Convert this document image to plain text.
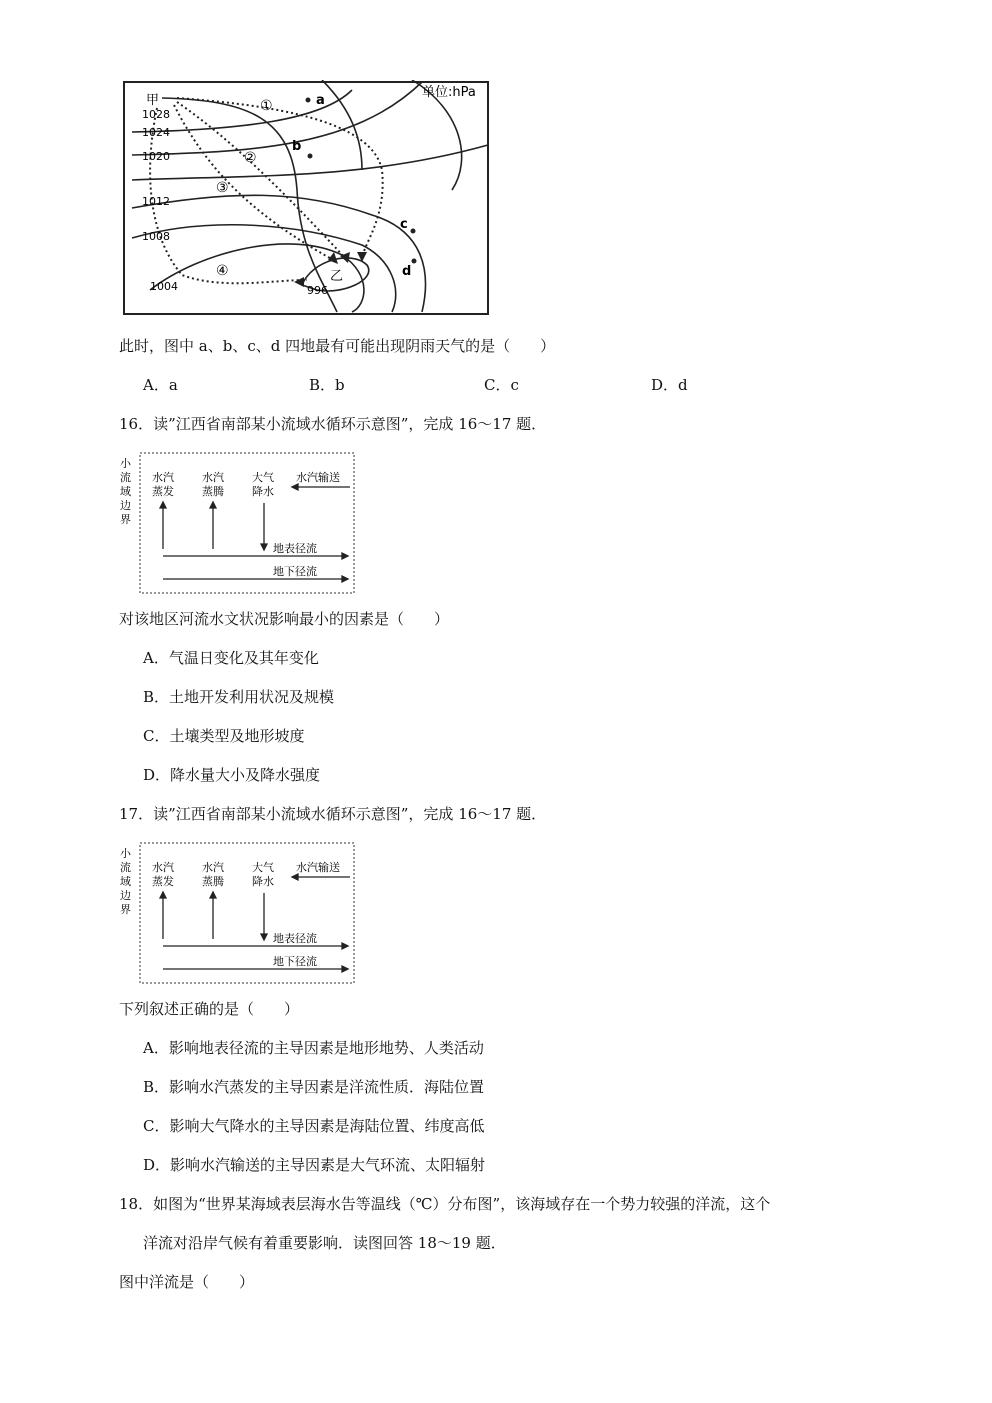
单位:hPa
甲
乙
1028
1024
1020
1012
1008
1004	996
①
②
③
④
a
b
c
d
此时，图中 a、b、c、d 四地最有可能出现阴雨天气的是（　　）
A．a	B．b	C．c	D．d
16．读”江西省南部某小流域水循环示意图”，完成 16～17 题．
小
流
域
边
界
水汽
蒸发
水汽
蒸腾
大气
降水
水汽输送
地表径流
地下径流
对该地区河流水文状况影响最小的因素是（　　）
A．气温日变化及其年变化
B．土地开发利用状况及规模
C．土壤类型及地形坡度
D．降水量大小及降水强度
17．读”江西省南部某小流域水循环示意图”，完成 16～17 题．
小
流
域
边
界
水汽
蒸发
水汽
蒸腾
大气
降水
水汽输送
地表径流
地下径流
下列叙述正确的是（　　）
A．影响地表径流的主导因素是地形地势、人类活动
B．影响水汽蒸发的主导因素是洋流性质．海陆位置
C．影响大气降水的主导因素是海陆位置、纬度高低
D．影响水汽输送的主导因素是大气环流、太阳辐射
18．如图为“世界某海域表层海水告等温线（℃）分布图”，该海域存在一个势力较强的洋流，这个
洋流对沿岸气候有着重要影响．读图回答 18～19 题．
图中洋流是（　　）
